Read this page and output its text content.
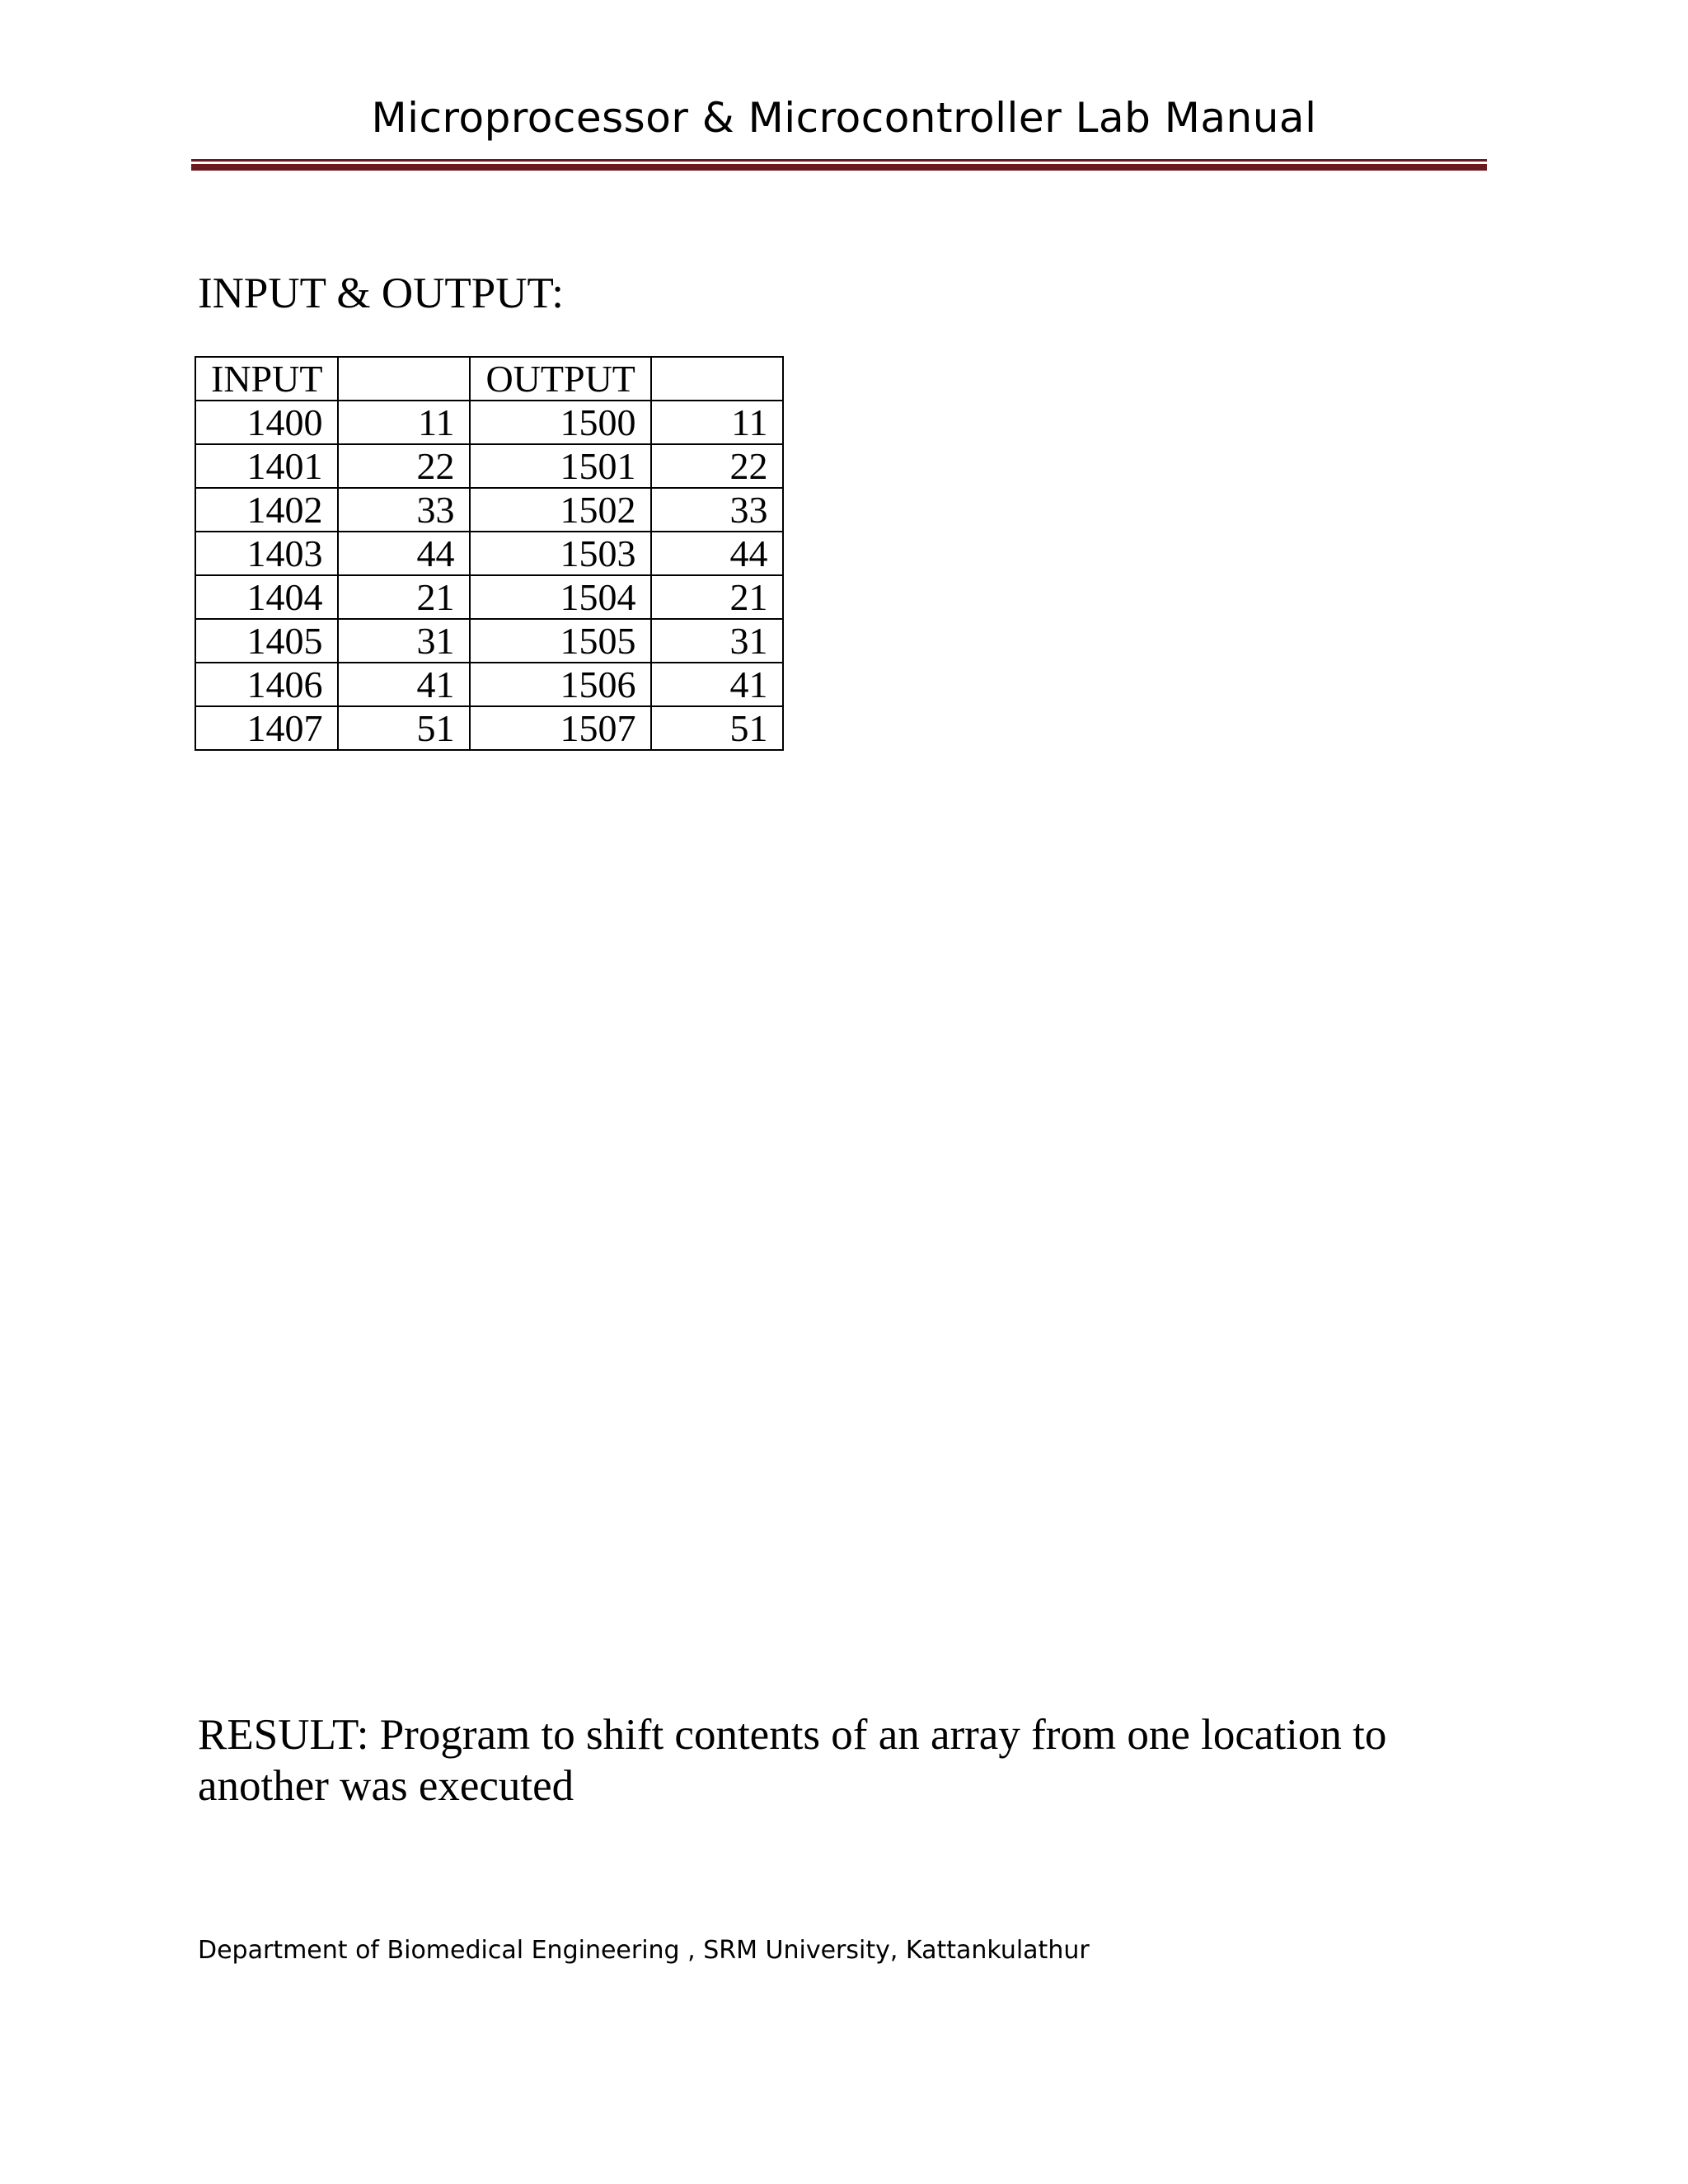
Microprocessor & Microcontroller Lab Manual
INPUT & OUTPUT:
INPUT		OUTPUT	
1400	11	1500	11
1401	22	1501	22
1402	33	1502	33
1403	44	1503	44
1404	21	1504	21
1405	31	1505	31
1406	41	1506	41
1407	51	1507	51
RESULT: Program to shift contents of an array from one location to another was executed
Department of Biomedical Engineering , SRM University, Kattankulathur
